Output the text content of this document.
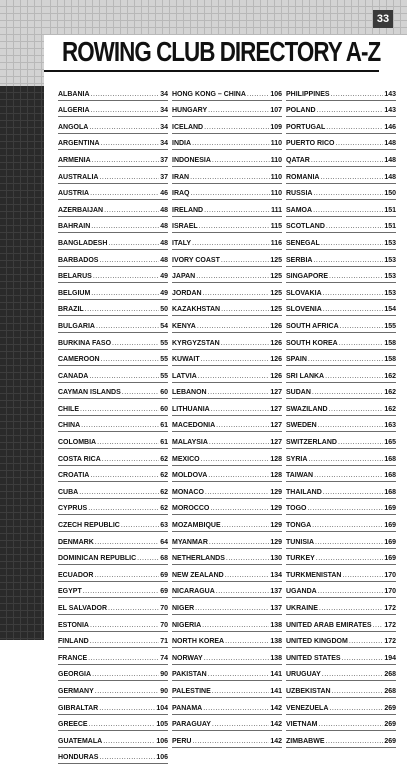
33
ROWING CLUB DIRECTORY A-Z
ALBANIA .....	34
ALGERIA .....	34
ANGOLA .....	34
ARGENTINA .....	34
ARMENIA .....	37
AUSTRALIA .....	37
AUSTRIA .....	46
AZERBAIJAN .....	48
BAHRAIN .....	48
BANGLADESH .....	48
BARBADOS .....	48
BELARUS .....	49
BELGIUM .....	49
BRAZIL .....	50
BULGARIA .....	54
BURKINA FASO .....	55
CAMEROON .....	55
CANADA .....	55
CAYMAN ISLANDS .....	60
CHILE .....	60
CHINA .....	61
COLOMBIA .....	61
COSTA RICA .....	62
CROATIA .....	62
CUBA .....	62
CYPRUS .....	62
CZECH REPUBLIC .....	63
DENMARK .....	64
DOMINICAN REPUBLIC .....	68
ECUADOR .....	69
EGYPT .....	69
EL SALVADOR .....	70
ESTONIA .....	70
FINLAND .....	71
FRANCE .....	74
GEORGIA .....	90
GERMANY .....	90
GIBRALTAR .....	104
GREECE .....	105
GUATEMALA .....	106
HONDURAS .....	106
HONG KONG – CHINA .....	106
HUNGARY .....	107
ICELAND .....	109
INDIA .....	110
INDONESIA .....	110
IRAN .....	110
IRAQ .....	110
IRELAND .....	111
ISRAEL .....	115
ITALY .....	116
IVORY COAST .....	125
JAPAN .....	125
JORDAN .....	125
KAZAKHSTAN .....	125
KENYA .....	126
KYRGYZSTAN .....	126
KUWAIT .....	126
LATVIA .....	126
LEBANON .....	127
LITHUANIA .....	127
MACEDONIA .....	127
MALAYSIA .....	127
MEXICO .....	128
MOLDOVA .....	128
MONACO .....	129
MOROCCO .....	129
MOZAMBIQUE .....	129
MYANMAR .....	129
NETHERLANDS .....	130
NEW ZEALAND .....	134
NICARAGUA .....	137
NIGER .....	137
NIGERIA .....	138
NORTH KOREA .....	138
NORWAY .....	138
PAKISTAN .....	141
PALESTINE .....	141
PANAMA .....	142
PARAGUAY .....	142
PERU .....	142
PHILIPPINES .....	143
POLAND .....	143
PORTUGAL .....	146
PUERTO RICO .....	148
QATAR .....	148
ROMANIA .....	148
RUSSIA .....	150
SAMOA .....	151
SCOTLAND .....	151
SENEGAL .....	153
SERBIA .....	153
SINGAPORE .....	153
SLOVAKIA .....	153
SLOVENIA .....	154
SOUTH AFRICA .....	155
SOUTH KOREA .....	158
SPAIN .....	158
SRI LANKA .....	162
SUDAN .....	162
SWAZILAND .....	162
SWEDEN .....	163
SWITZERLAND .....	165
SYRIA .....	168
TAIWAN .....	168
THAILAND .....	168
TOGO .....	169
TONGA .....	169
TUNISIA .....	169
TURKEY .....	169
TURKMENISTAN .....	170
UGANDA .....	170
UKRAINE .....	172
UNITED ARAB EMIRATES ..... 172
UNITED KINGDOM .....	172
UNITED STATES .....	194
URUGUAY .....	268
UZBEKISTAN .....	268
VENEZUELA .....	269
VIETNAM .....	269
ZIMBABWE .....	269
